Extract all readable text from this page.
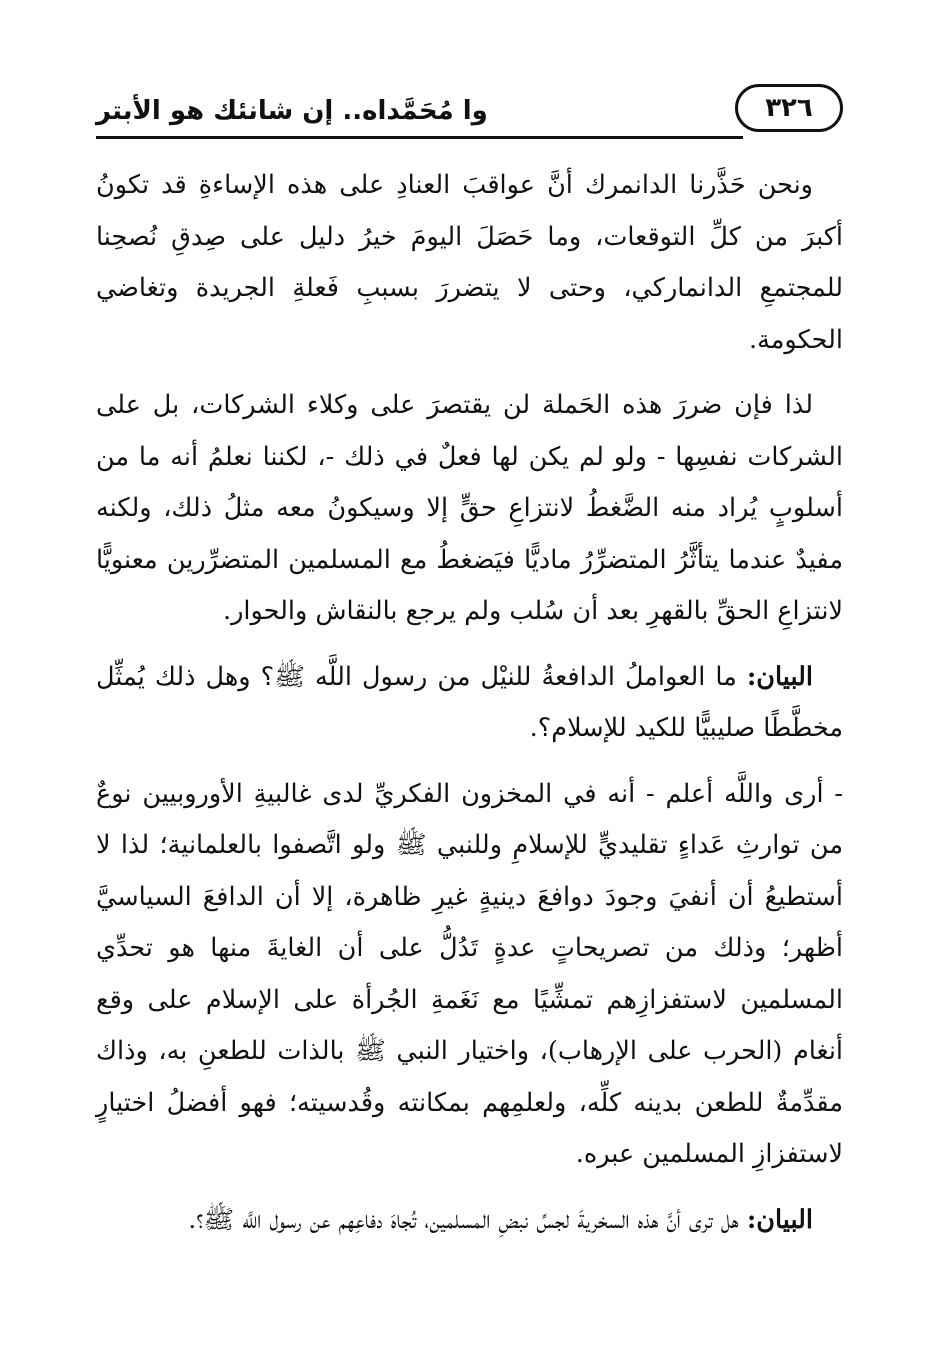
وا مُحَمَّداه.. إن شانئك هو الأبتر	٣٢٦

ونحن حَذَّرنا الدانمرك أنَّ عواقبَ العنادِ على هذه الإساءةِ قد تكونُ أكبرَ من كلِّ التوقعات، وما حَصَلَ اليومَ خيرُ دليل على صِدقِ نُصحِنا للمجتمعِ الدانماركي، وحتى لا يتضررَ بسببِ فَعلةِ الجريدة وتغاضي الحكومة.

لذا فإن ضررَ هذه الحَملة لن يقتصرَ على وكلاء الشركات، بل على الشركات نفسِها - ولو لم يكن لها فعلٌ في ذلك -، لكننا نعلمُ أنه ما من أسلوبٍ يُراد منه الضَّغطُ لانتزاعِ حقٍّ إلا وسيكونُ معه مثلُ ذلك، ولكنه مفيدٌ عندما يتأثَّرُ المتضرِّرُ ماديًّا فيَضغطُ مع المسلمين المتضرِّرين معنويًّا لانتزاعِ الحقِّ بالقهرِ بعد أن سُلب ولم يرجع بالنقاش والحوار.

البيان: ما العواملُ الدافعةُ للنيْل من رسول اللَّه ﷺ؟ وهل ذلك يُمثِّل مخطَّطًا صليبيًّا للكيد للإسلام؟.

- أرى واللَّه أعلم - أنه في المخزون الفكريِّ لدى غالبيةِ الأوروبيين نوعٌ من توارثِ عَداءٍ تقليديٍّ للإسلامِ وللنبي ﷺ ولو اتَّصفوا بالعلمانية؛ لذا لا أستطيعُ أن أنفيَ وجودَ دوافعَ دينيةٍ غيرِ ظاهرة، إلا أن الدافعَ السياسيَّ أظهر؛ وذلك من تصريحاتٍ عدةٍ تَدُلُّ على أن الغايةَ منها هو تحدِّي المسلمين لاستفزازِهم تمشِّيًا مع نَغَمةِ الجُرأة على الإسلام على وقع أنغام (الحرب على الإرهاب)، واختيار النبي ﷺ بالذات للطعنِ به، وذاك مقدِّمةٌ للطعن بدينه كلِّه، ولعلمِهم بمكانته وقُدسيته؛ فهو أفضلُ اختيارٍ لاستفزازِ المسلمين عبره.

البيان: هل ترى أنَّ هذه السخريةَ لجسِّ نبضِ المسلمين، تُجاهَ دفاعِهم عن رسول اللَّه ﷺ؟.
